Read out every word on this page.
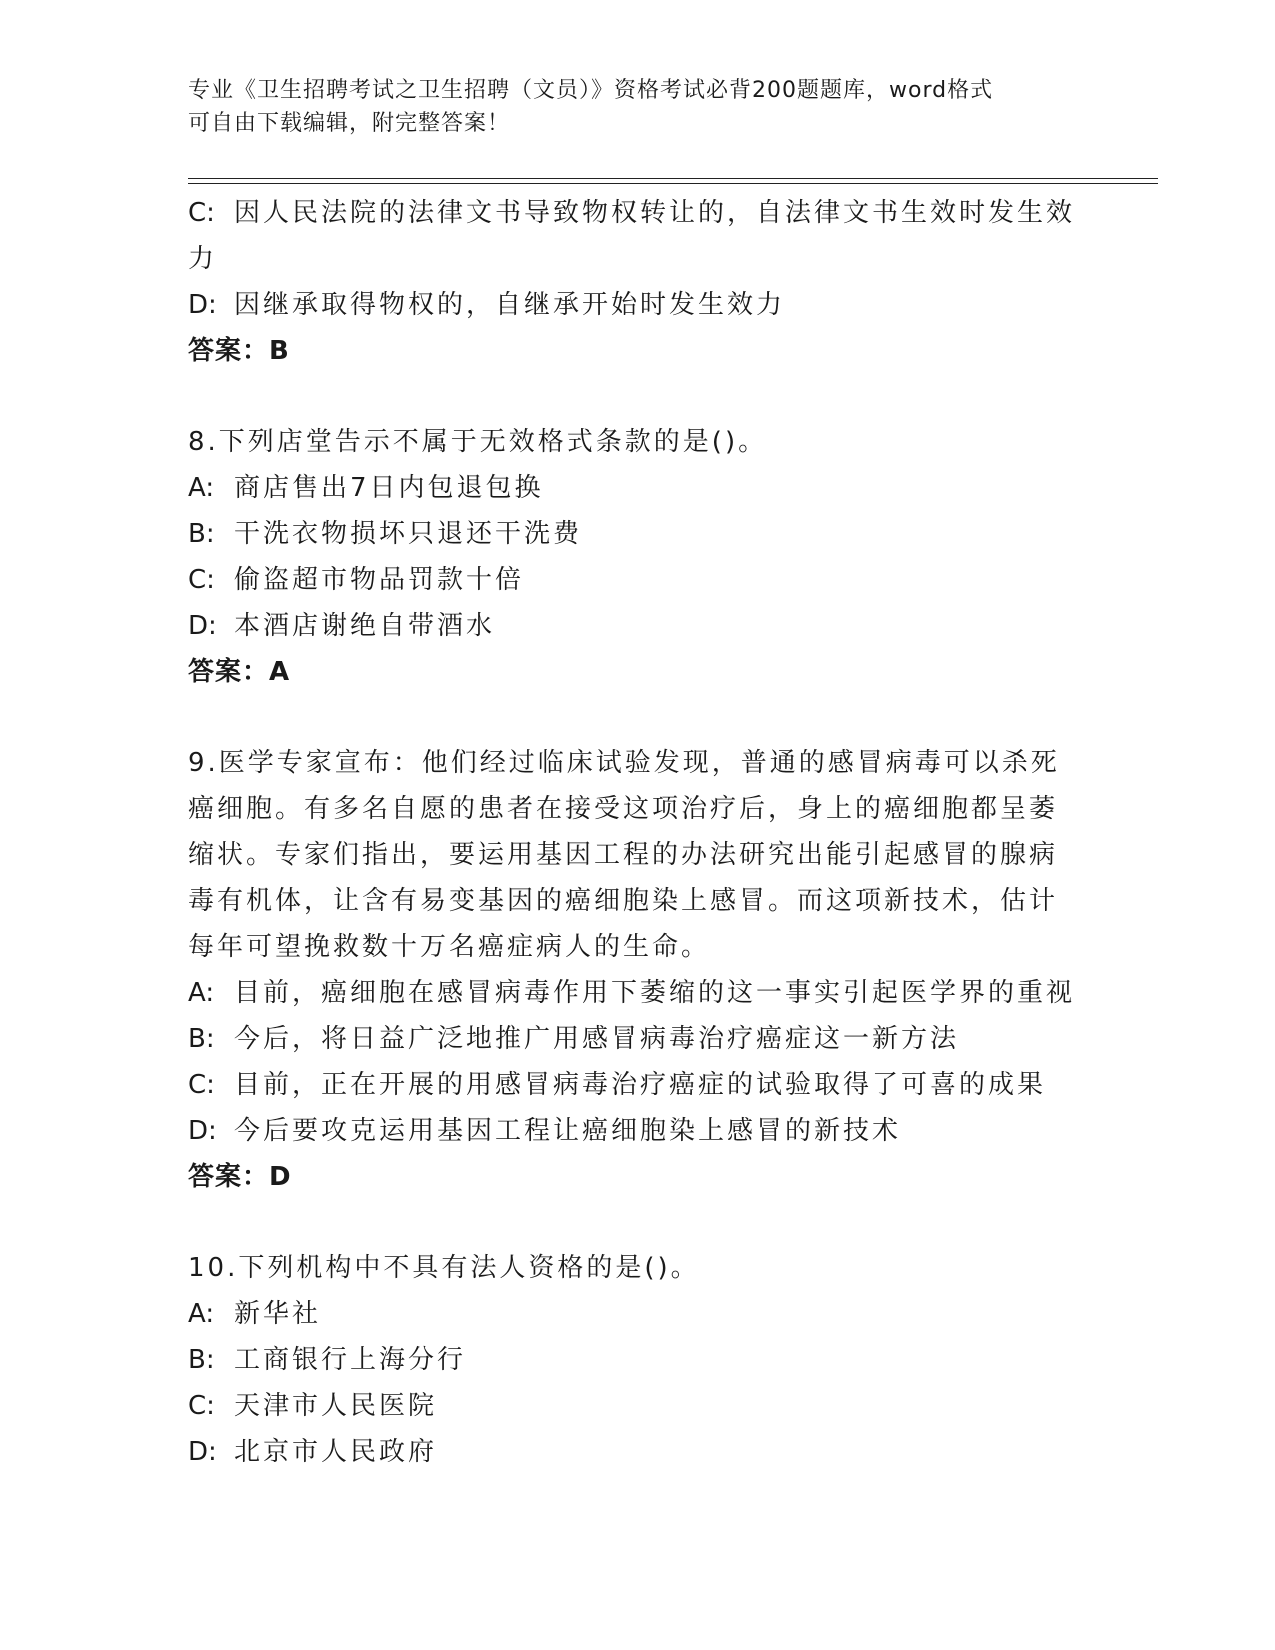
专业《卫生招聘考试之卫生招聘（文员）》资格考试必背200题题库，word格式
可自由下载编辑，附完整答案！
C: 因人民法院的法律文书导致物权转让的，自法律文书生效时发生效
力
D: 因继承取得物权的，自继承开始时发生效力
答案：B
8.下列店堂告示不属于无效格式条款的是()。
A: 商店售出7日内包退包换
B: 干洗衣物损坏只退还干洗费
C: 偷盗超市物品罚款十倍
D: 本酒店谢绝自带酒水
答案：A
9.医学专家宣布：他们经过临床试验发现，普通的感冒病毒可以杀死
癌细胞。有多名自愿的患者在接受这项治疗后，身上的癌细胞都呈萎
缩状。专家们指出，要运用基因工程的办法研究出能引起感冒的腺病
毒有机体，让含有易变基因的癌细胞染上感冒。而这项新技术，估计
每年可望挽救数十万名癌症病人的生命。
A: 目前，癌细胞在感冒病毒作用下萎缩的这一事实引起医学界的重视
B: 今后，将日益广泛地推广用感冒病毒治疗癌症这一新方法
C: 目前，正在开展的用感冒病毒治疗癌症的试验取得了可喜的成果
D: 今后要攻克运用基因工程让癌细胞染上感冒的新技术
答案：D
10.下列机构中不具有法人资格的是()。
A: 新华社
B: 工商银行上海分行
C: 天津市人民医院
D: 北京市人民政府
